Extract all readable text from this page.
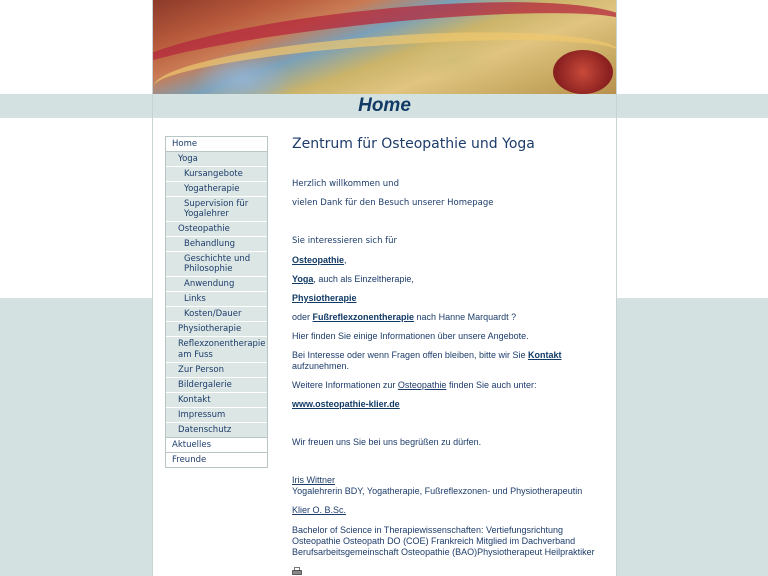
Home
Home
Yoga
Kursangebote
Yogatherapie
Supervision für Yogalehrer
Osteopathie
Behandlung
Geschichte und Philosophie
Anwendung
Links
Kosten/Dauer
Physiotherapie
Reflexzonentherapie am Fuss
Zur Person
Bildergalerie
Kontakt
Impressum
Datenschutz
Aktuelles
Freunde
Zentrum für Osteopathie und Yoga
Herzlich willkommen und
vielen Dank für den Besuch unserer Homepage
Sie interessieren sich für
Osteopathie,
Yoga, auch als Einzeltherapie,
Physiotherapie
oder Fußreflexzonentherapie nach Hanne Marquardt ?
Hier finden Sie einige Informationen über unsere Angebote.
Bei Interesse oder wenn Fragen offen bleiben, bitte wir Sie Kontakt
aufzunehmen.
Weitere Informationen zur Osteopathie finden Sie auch unter:
www.osteopathie-klier.de
Wir freuen uns Sie bei uns begrüßen zu dürfen.
Iris Wittner
Yogalehrerin BDY, Yogatherapie, Fußreflexzonen- und Physiotherapeutin
Klier O. B.Sc.
Bachelor of Science in Therapiewissenschaften: Vertiefungsrichtung
Osteopathie Osteopath DO (COE) Frankreich Mitglied im Dachverband
Berufsarbeitsgemeinschaft Osteopathie (BAO)Physiotherapeut Heilpraktiker
